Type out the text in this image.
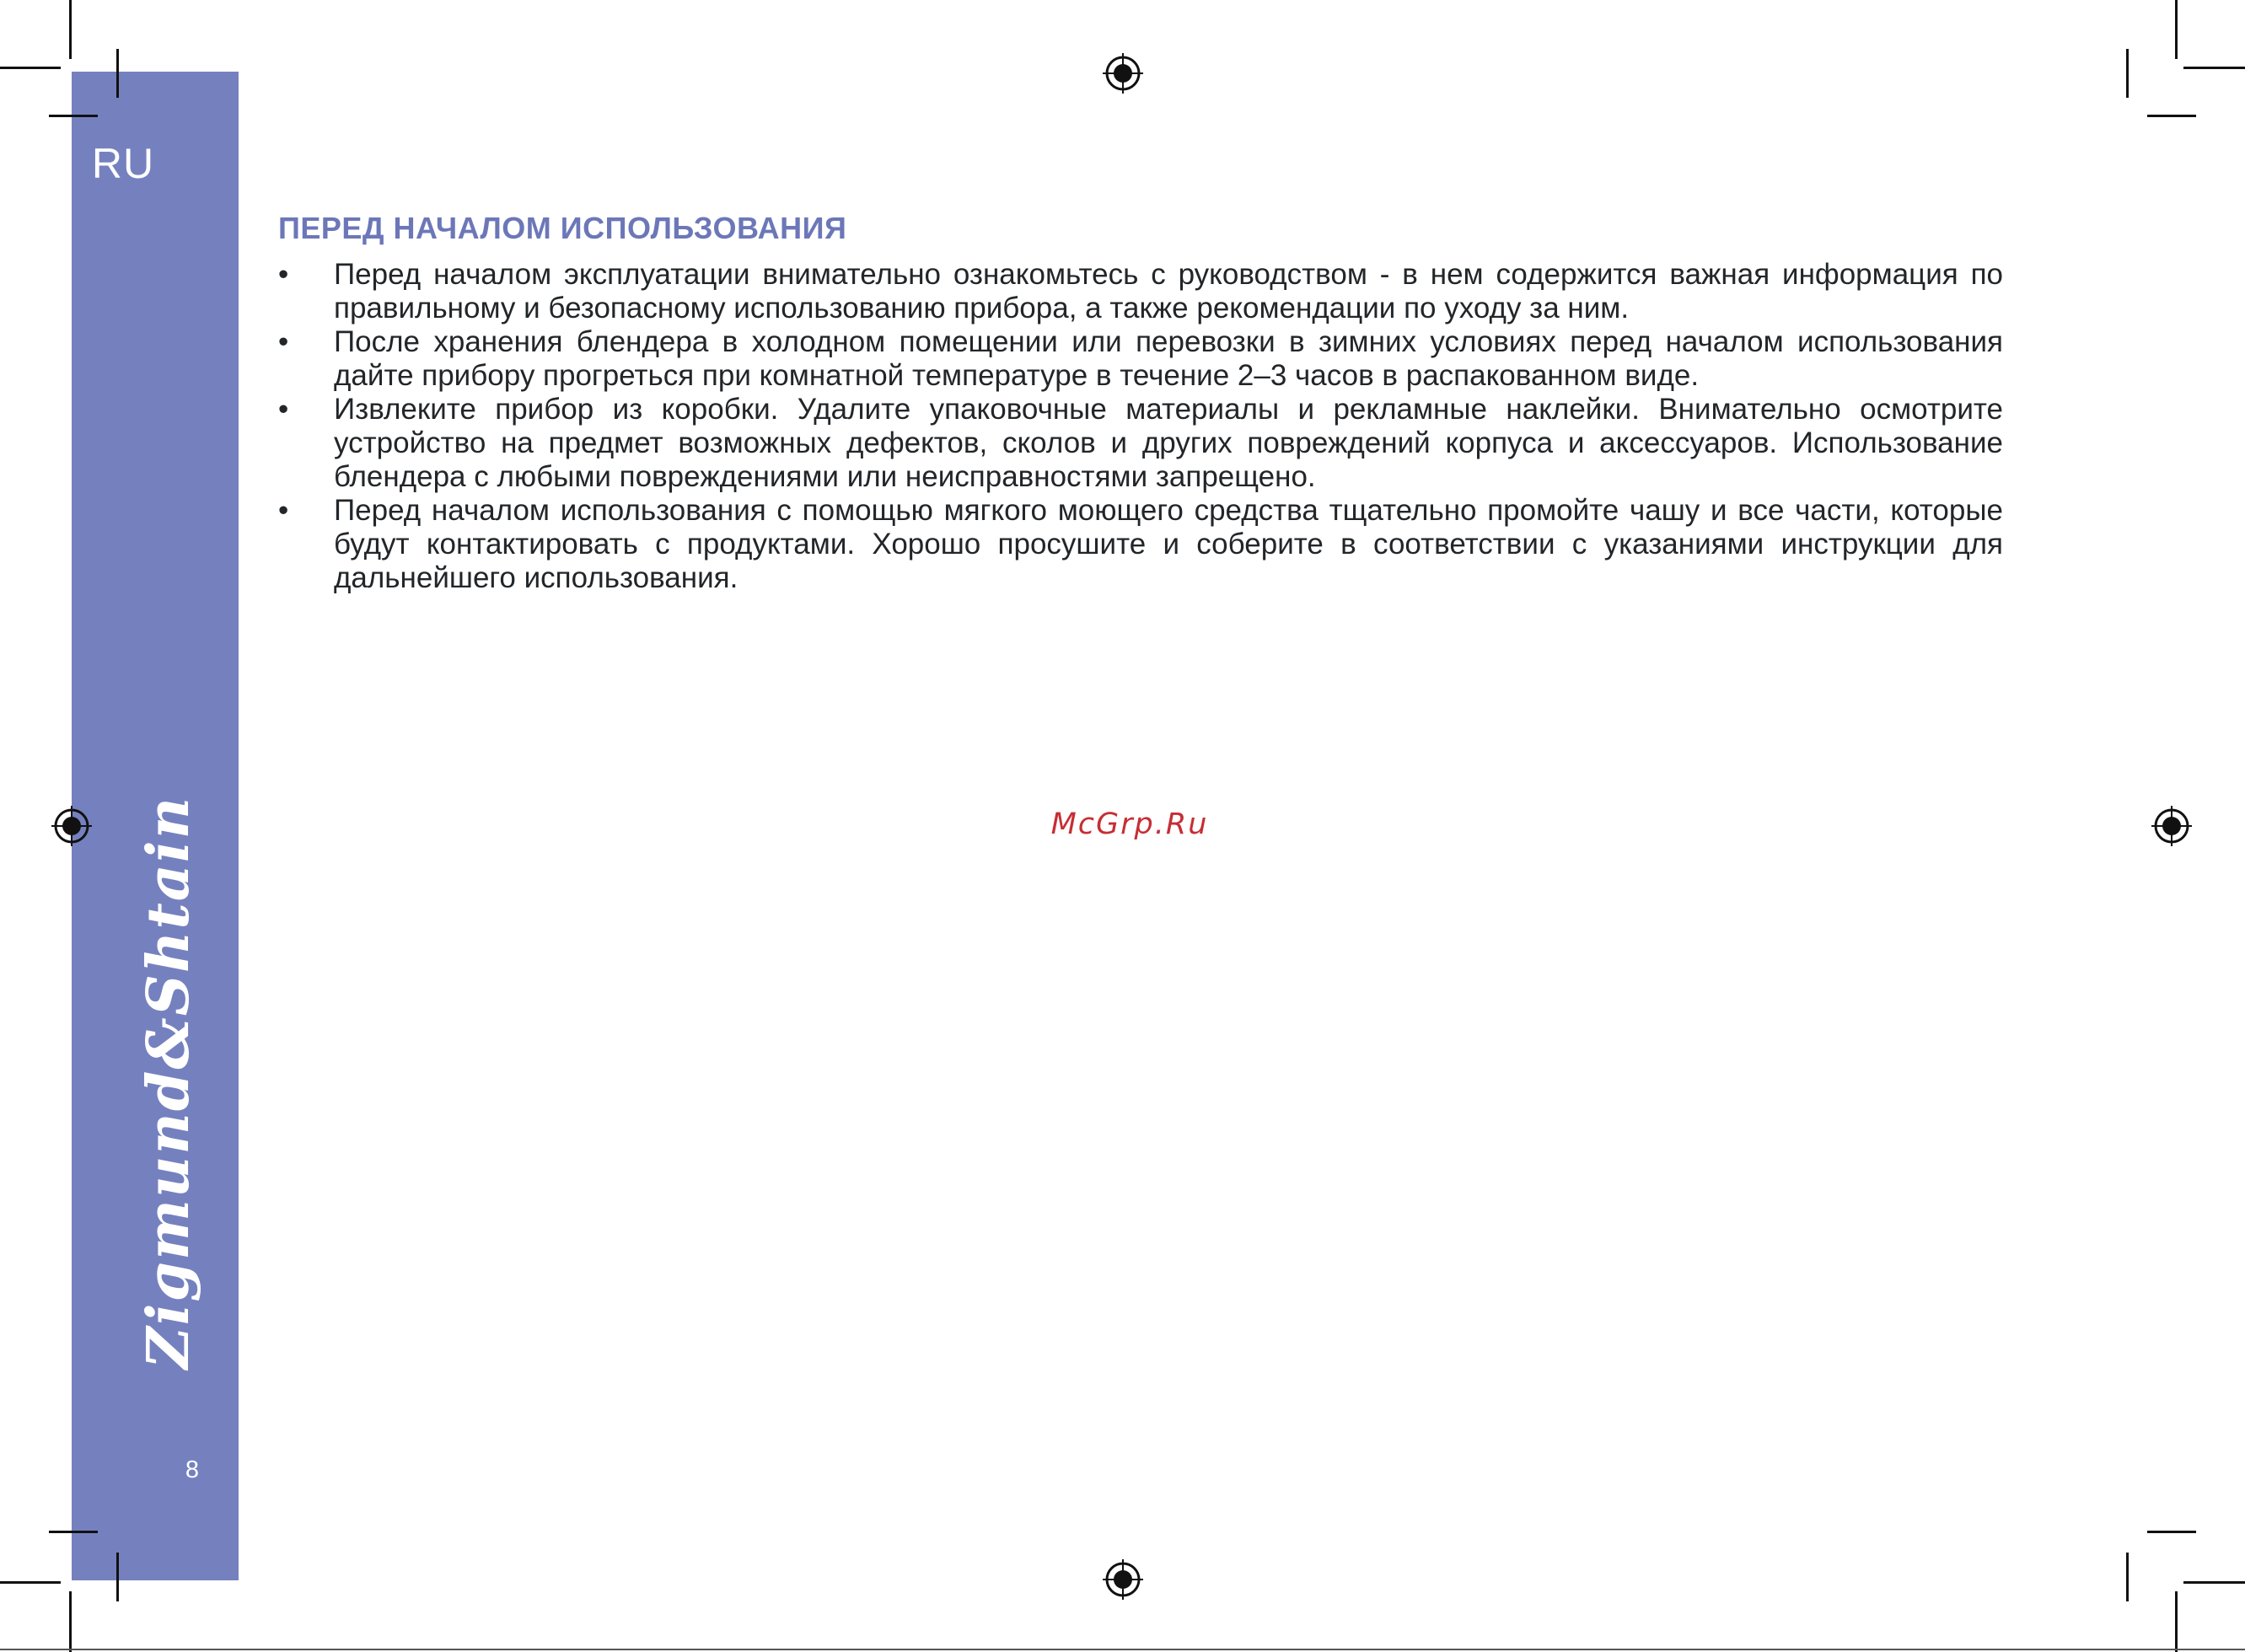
RU
Zigmund&Shtain
8
ПЕРЕД НАЧАЛОМ ИСПОЛЬЗОВАНИЯ
•	Перед началом эксплуатации внимательно ознакомьтесь с руководством - в нем содержится важная информация по правильному и безопасному использованию прибора, а также рекомендации по уходу за ним.
•	После хранения блендера в холодном помещении или перевозки в зимних условиях перед началом использования дайте прибору прогреться при комнатной температуре в течение 2–3 часов в распакованном виде.
•	Извлеките прибор из коробки. Удалите упаковочные материалы и рекламные наклейки. Внимательно осмотрите устройство на предмет возможных дефектов, сколов и других повреждений корпуса и аксессуаров. Использование блендера с любыми повреждениями или неисправностями запрещено.
•	Перед началом использования с помощью мягкого моющего средства тщательно промойте чашу и все части, которые будут контактировать с продуктами. Хорошо просушите и соберите в соответствии с указаниями инструкции для дальнейшего использования.
McGrp.Ru
